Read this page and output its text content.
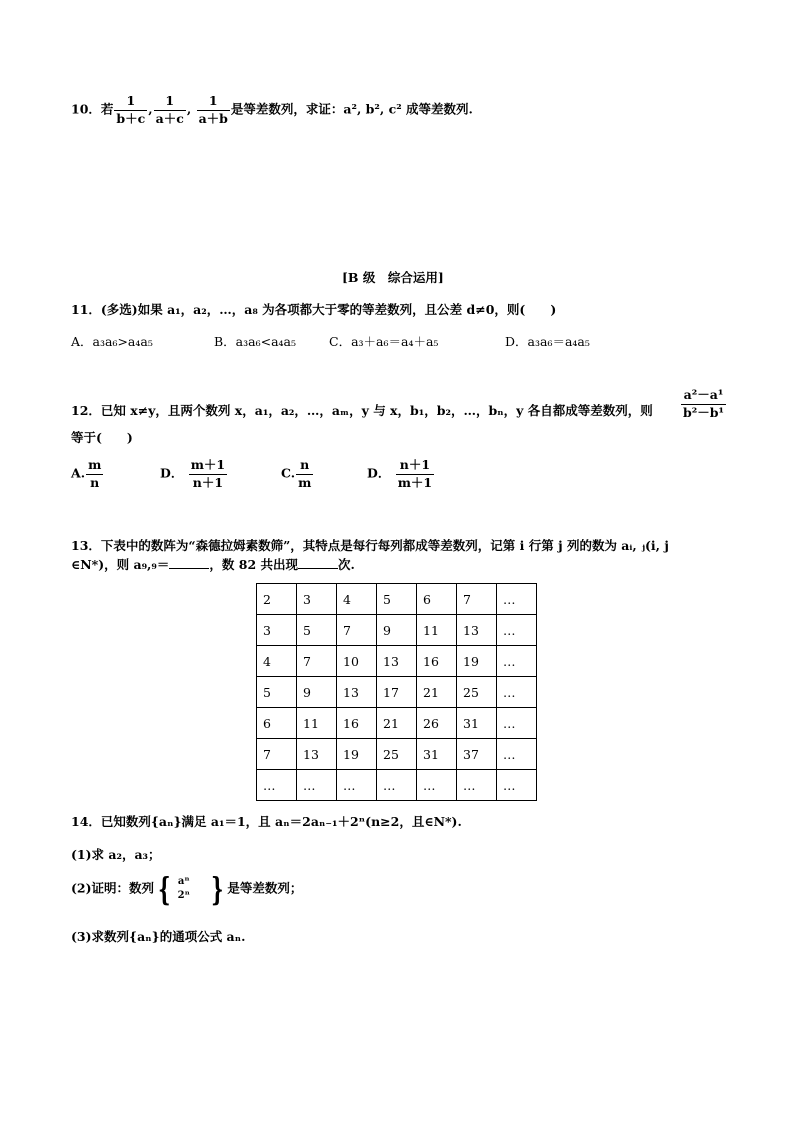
10．若 $\frac{1}{b+c}$ , $\frac{1}{a+c}$ , $\frac{1}{a+b}$ 是等差数列，求证：a², b², c² 成等差数列.
[B 级　综合运用]
11．(多选)如果 a₁，a₂，…，a₈ 为各项都大于零的等差数列，且公差 d≠0，则(　　)
A．a₃a₆>a₄a₅	B．a₃a₆<a₄a₅	C．a₃＋a₆＝a₄＋a₅	D．a₃a₆＝a₄a₅
12．已知 x≠y，且两个数列 x，a₁，a₂，…，aₘ，y 与 x，b₁，b₂，…，bₙ，y 各自都成等差数列，则 $\frac{\text{a²－a¹}}{\text{b²－b¹}}$
等于(　　)
A. $\frac{m}{n}$	D． $\frac{m+1}{n+1}$	C. $\frac{n}{m}$	D． $\frac{n+1}{m+1}$
13．下表中的数阵为“森德拉姆素数筛”，其特点是每行每列都成等差数列，记第 i 行第 j 列的数为 aᵢ, ⱼ(i, j
∈N*)，则 a₉,₉＝	，数 82 共出现	次.
2	3	4	5	6	7	…
3	5	7	9	11	13	…
4	7	10	13	16	19	…
5	9	13	17	21	25	…
6	11	16	21	26	31	…
7	13	19	25	31	37	…
…	…	…	…	…	…	…
14．已知数列{aₙ}满足 a₁＝1，且 aₙ＝2aₙ₋₁＋2ⁿ(n≥2，且∈N*).
(1)求 a₂，a₃；
(2)证明：数列 { aⁿ
2ⁿ } 是等差数列；
(3)求数列{aₙ}的通项公式 aₙ.
